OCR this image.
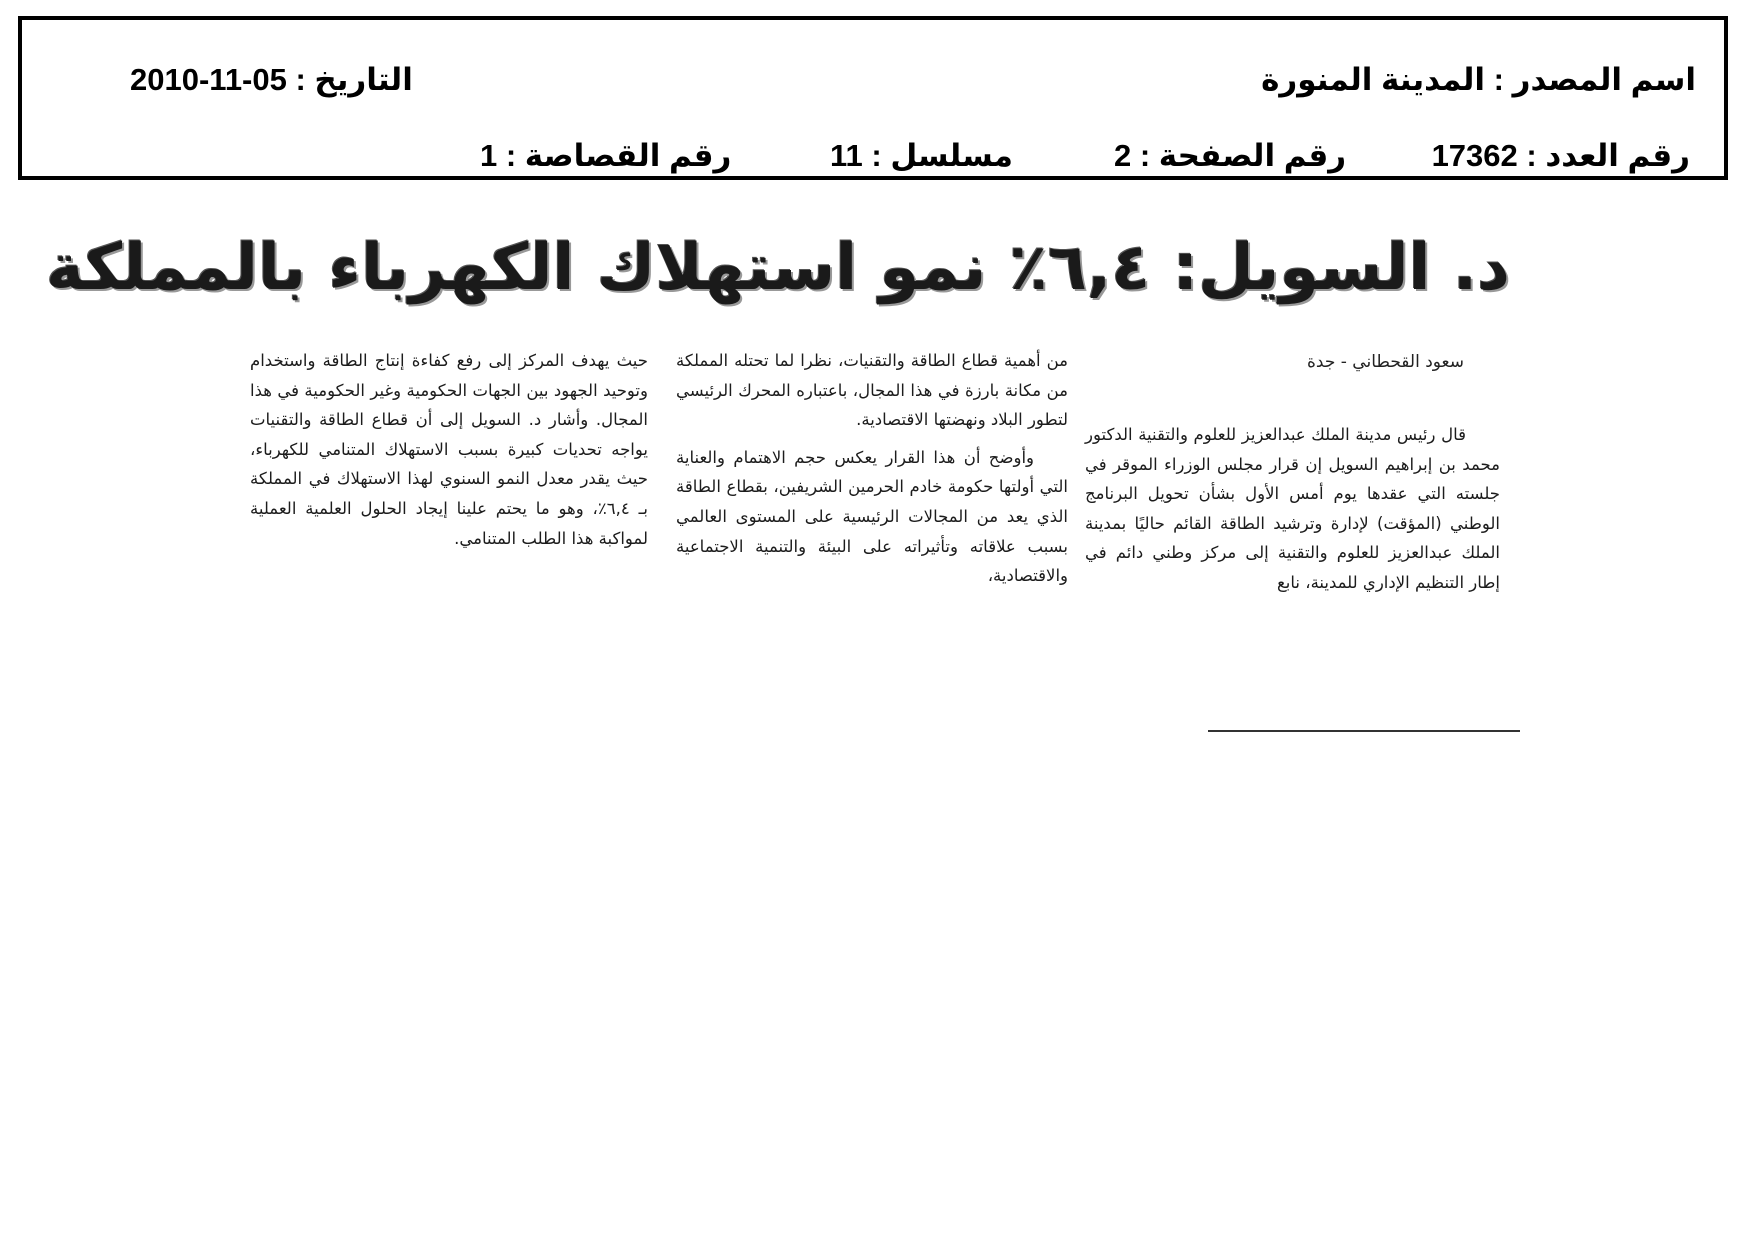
اسم المصدر : المدينة المنورة
التاريخ : 2010-11-05
رقم العدد : 17362
رقم الصفحة : 2
مسلسل : 11
رقم القصاصة : 1
د. السويل: ٦,٤٪ نمو استهلاك الكهرباء بالمملكة
سعود القحطاني - جدة

قال رئيس مدينة الملك عبدالعزيز للعلوم والتقنية الدكتور محمد بن إبراهيم السويل إن قرار مجلس الوزراء الموقر في جلسته التي عقدها يوم أمس الأول بشأن تحويل البرنامج الوطني (المؤقت) لإدارة وترشيد الطاقة القائم حاليًا بمدينة الملك عبدالعزيز للعلوم والتقنية إلى مركز وطني دائم في إطار التنظيم الإداري للمدينة، نابع

من أهمية قطاع الطاقة والتقنيات، نظرا لما تحتله المملكة من مكانة بارزة في هذا المجال، باعتباره المحرك الرئيسي لتطور البلاد ونهضتها الاقتصادية.

وأوضح أن هذا القرار يعكس حجم الاهتمام والعناية التي أولتها حكومة خادم الحرمين الشريفين، بقطاع الطاقة الذي يعد من المجالات الرئيسية على المستوى العالمي بسبب علاقاته وتأثيراته على البيئة والتنمية الاجتماعية والاقتصادية،

حيث يهدف المركز إلى رفع كفاءة إنتاج الطاقة واستخدام وتوحيد الجهود بين الجهات الحكومية وغير الحكومية في هذا المجال. وأشار د. السويل إلى أن قطاع الطاقة والتقنيات يواجه تحديات كبيرة بسبب الاستهلاك المتنامي للكهرباء، حيث يقدر معدل النمو السنوي لهذا الاستهلاك في المملكة بـ ٦,٤٪، وهو ما يحتم علينا إيجاد الحلول العلمية العملية لمواكبة هذا الطلب المتنامي.
